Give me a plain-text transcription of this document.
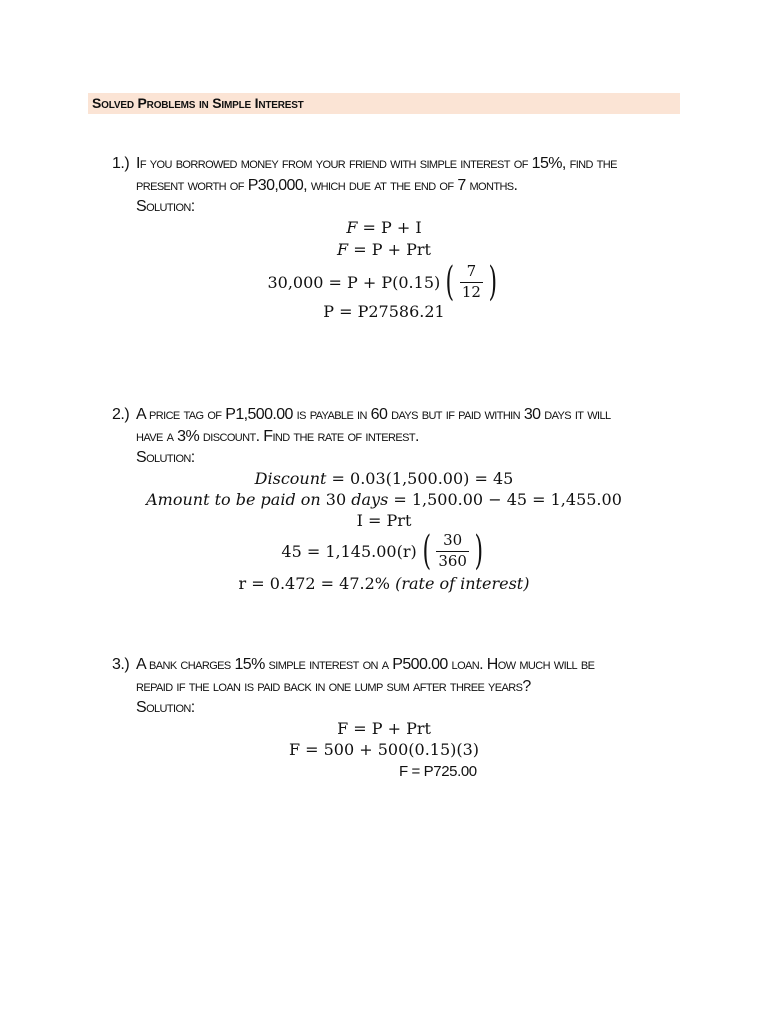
Solved Problems in Simple Interest
1.) If you borrowed money from your friend with simple interest of 15%, find the
present worth of P30,000, which due at the end of 7 months.
Solution:
F = P + I
F = P + Prt
30,000 = P + P(0.15) ( $\frac{7}{12}$ )
P = P27586.21
2.) A price tag of P1,500.00 is payable in 60 days but if paid within 30 days it will
have a 3% discount. Find the rate of interest.
Solution:
Discount = 0.03(1,500.00) = 45
Amount to be paid on 30 days = 1,500.00 − 45 = 1,455.00
I = Prt
45 = 1,145.00(r) ( $\frac{30}{360}$ )
r = 0.472 = 47.2% (rate of interest)
3.) A bank charges 15% simple interest on a P500.00 loan. How much will be
repaid if the loan is paid back in one lump sum after three years?
Solution:
F = P + Prt
F = 500 + 500(0.15)(3)
F = P725.00
